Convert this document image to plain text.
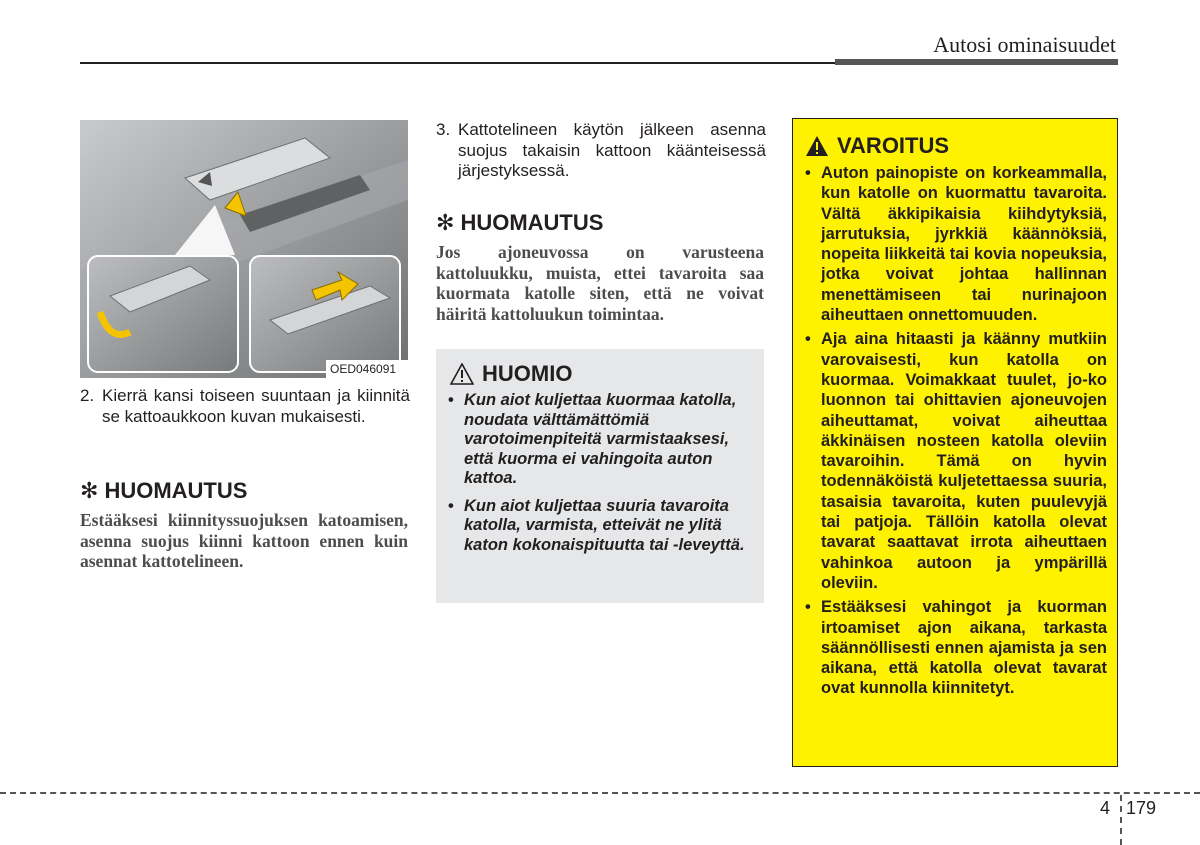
Autosi ominaisuudet
OED046091
2. Kierrä kansi toiseen suuntaan ja kiinnitä se kattoaukkoon kuvan mukaisesti.
✻ HUOMAUTUS
Estääksesi kiinnityssuojuksen katoamisen, asenna suojus kiinni kattoon ennen kuin asennat kattotelineen.
3. Kattotelineen käytön jälkeen asenna suojus takaisin kattoon käänteisessä järjestyksessä.
✻ HUOMAUTUS
Jos ajoneuvossa on varusteena kattoluukku, muista, ettei tavaroita saa kuormata katolle siten, että ne voivat häiritä kattoluukun toimintaa.
HUOMIO
• Kun aiot kuljettaa kuormaa katolla, noudata välttämättömiä varotoimenpiteitä varmistaaksesi, että kuorma ei vahingoita auton kattoa.
• Kun aiot kuljettaa suuria tavaroita katolla, varmista, etteivät ne ylitä katon kokonaispituutta tai -leveyttä.
VAROITUS
• Auton painopiste on korkeammalla, kun katolle on kuormattu tavaroita. Vältä äkkipikaisia kiihdytyksiä, jarrutuksia, jyrkkiä käännöksiä, nopeita liikkeitä tai kovia nopeuksia, jotka voivat johtaa hallinnan menettämiseen tai nurinajoon aiheuttaen onnettomuuden.
• Aja aina hitaasti ja käänny mutkiin varovaisesti, kun katolla on kuormaa. Voimakkaat tuulet, jo-ko luonnon tai ohittavien ajoneuvojen aiheuttamat, voivat aiheuttaa äkkinäisen nosteen katolla oleviin tavaroihin. Tämä on hyvin todennäköistä kuljetettaessa suuria, tasaisia tavaroita, kuten puulevyjä tai patjoja. Tällöin katolla olevat tavarat saattavat irrota aiheuttaen vahinkoa autoon ja ympärillä oleviin.
• Estääksesi vahingot ja kuorman irtoamiset ajon aikana, tarkasta säännöllisesti ennen ajamista ja sen aikana, että katolla olevat tavarat ovat kunnolla kiinnitetyt.
4 179
